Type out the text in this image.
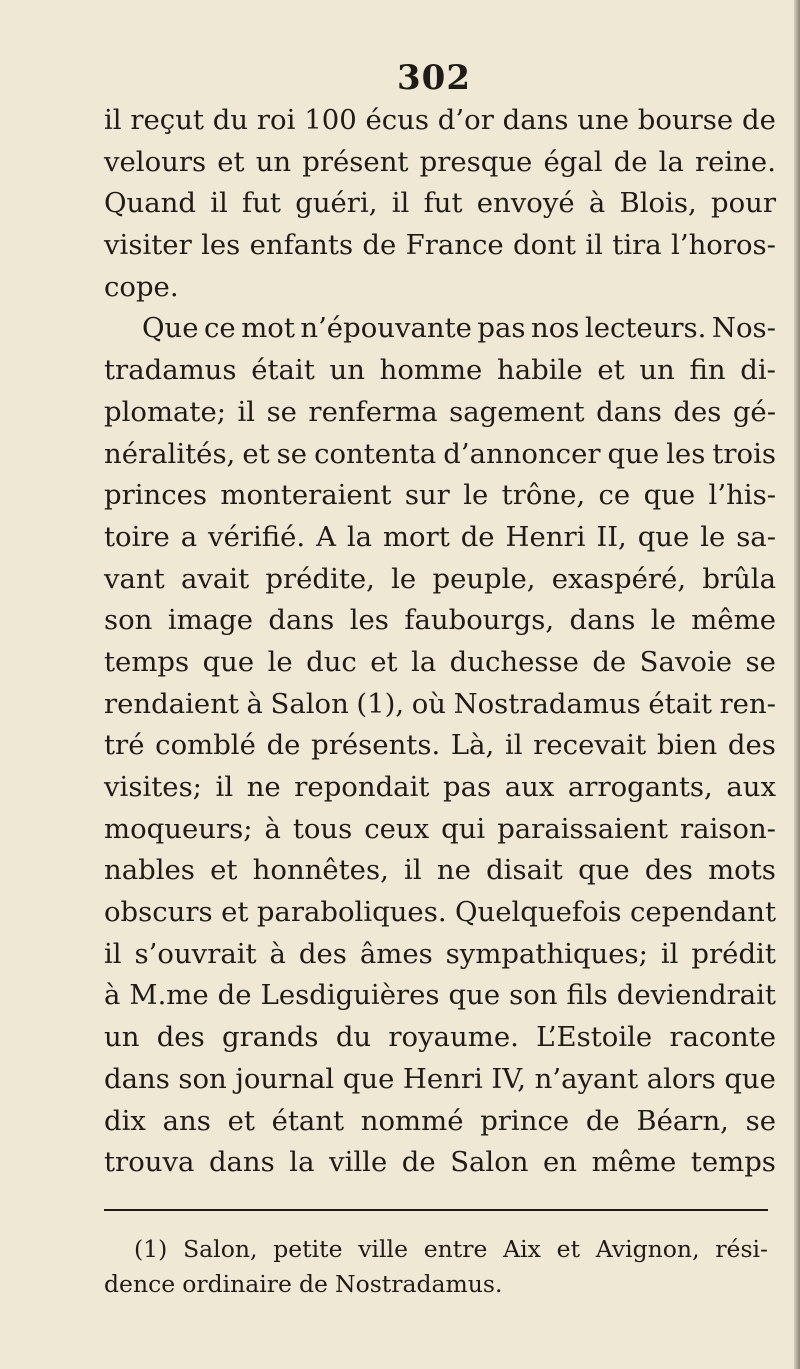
302
il reçut du roi 100 écus d’or dans une bourse de
velours et un présent presque égal de la reine.
Quand il fut guéri, il fut envoyé à Blois, pour
visiter les enfants de France dont il tira l’horos-
cope.
Que ce mot n’épouvante pas nos lecteurs. Nos-
tradamus était un homme habile et un fin di-
plomate; il se renferma sagement dans des gé-
néralités, et se contenta d’annoncer que les trois
princes monteraient sur le trône, ce que l’his-
toire a vérifié. A la mort de Henri II, que le sa-
vant avait prédite, le peuple, exaspéré, brûla
son image dans les faubourgs, dans le même
temps que le duc et la duchesse de Savoie se
rendaient à Salon (1), où Nostradamus était ren-
tré comblé de présents. Là, il recevait bien des
visites; il ne repondait pas aux arrogants, aux
moqueurs; à tous ceux qui paraissaient raison-
nables et honnêtes, il ne disait que des mots
obscurs et paraboliques. Quelquefois cependant
il s’ouvrait à des âmes sympathiques; il prédit
à M.me de Lesdiguières que son fils deviendrait
un des grands du royaume. L’Estoile raconte
dans son journal que Henri IV, n’ayant alors que
dix ans et étant nommé prince de Béarn, se
trouva dans la ville de Salon en même temps
(1) Salon, petite ville entre Aix et Avignon, rési-
dence ordinaire de Nostradamus.
